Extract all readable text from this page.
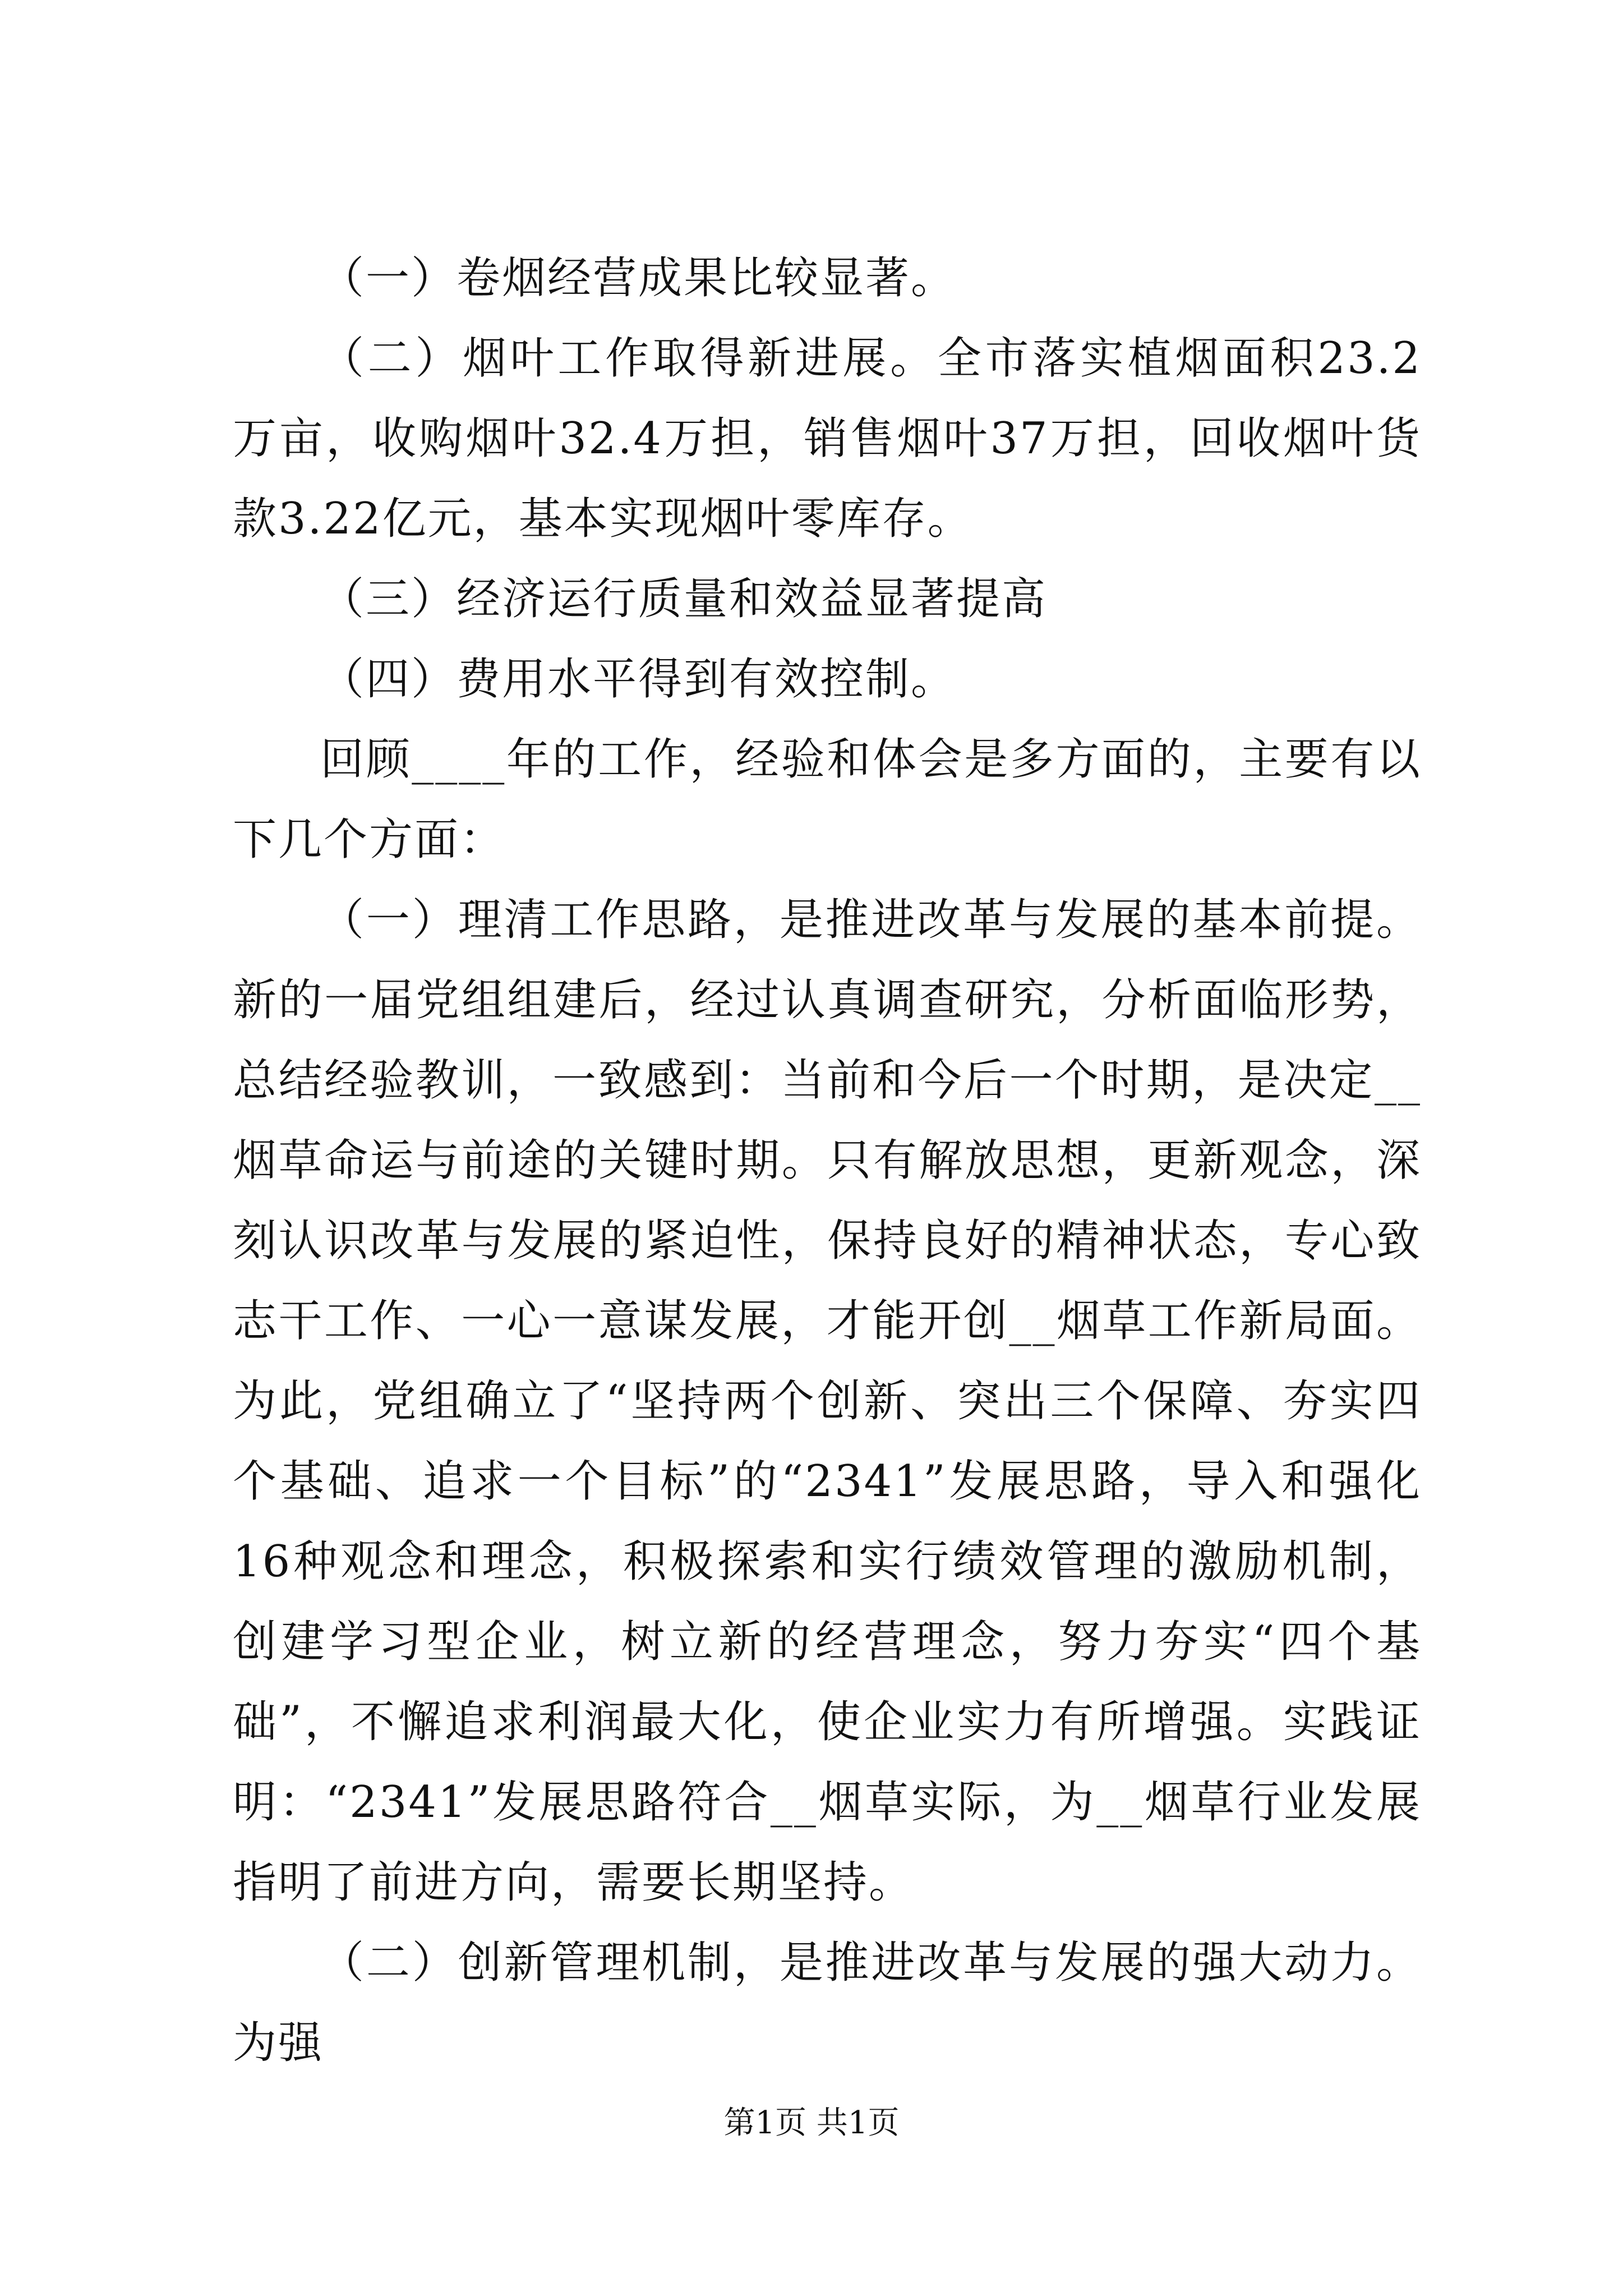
（一）卷烟经营成果比较显著。

（二）烟叶工作取得新进展。全市落实植烟面积23.2万亩，收购烟叶32.4万担，销售烟叶37万担，回收烟叶货款3.22亿元，基本实现烟叶零库存。

（三）经济运行质量和效益显著提高

（四）费用水平得到有效控制。

回顾____年的工作，经验和体会是多方面的，主要有以下几个方面：

（一）理清工作思路，是推进改革与发展的基本前提。新的一届党组组建后，经过认真调查研究，分析面临形势，总结经验教训，一致感到：当前和今后一个时期，是决定__烟草命运与前途的关键时期。只有解放思想，更新观念，深刻认识改革与发展的紧迫性，保持良好的精神状态，专心致志干工作、一心一意谋发展，才能开创__烟草工作新局面。为此，党组确立了“坚持两个创新、突出三个保障、夯实四个基础、追求一个目标”的“2341”发展思路，导入和强化16种观念和理念，积极探索和实行绩效管理的激励机制，创建学习型企业，树立新的经营理念，努力夯实“四个基础”，不懈追求利润最大化，使企业实力有所增强。实践证明：“2341”发展思路符合__烟草实际，为__烟草行业发展指明了前进方向，需要长期坚持。

（二）创新管理机制，是推进改革与发展的强大动力。为强

第1页 共1页
